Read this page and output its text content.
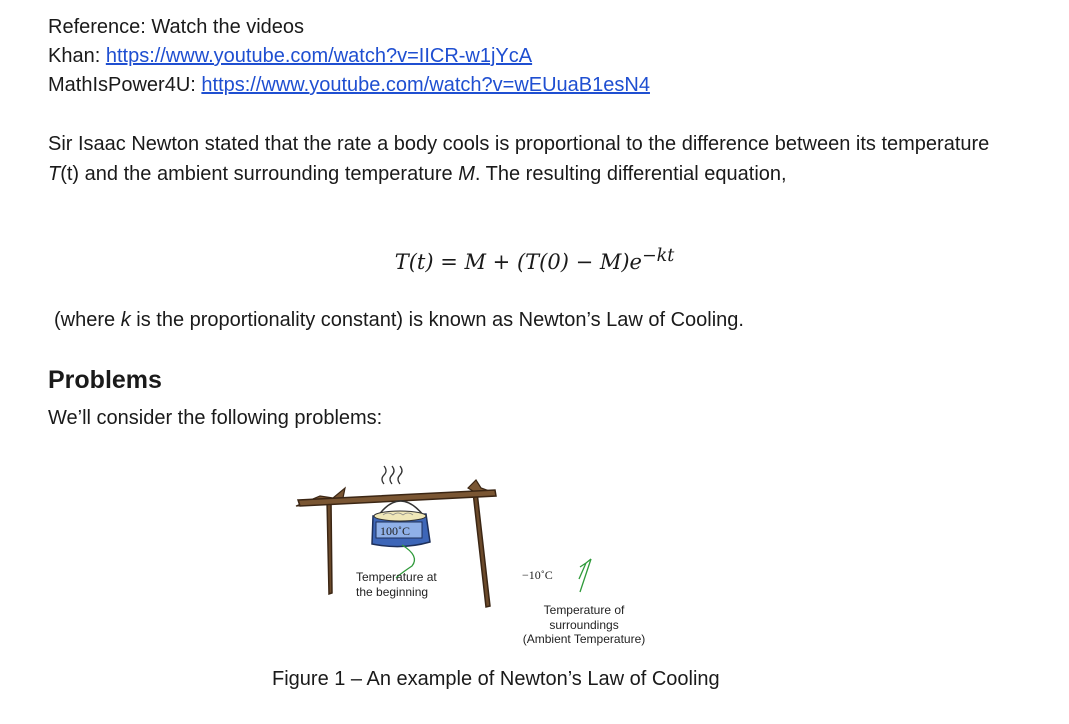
Reference: Watch the videos
Khan: https://www.youtube.com/watch?v=IICR-w1jYcA
MathIsPower4U: https://www.youtube.com/watch?v=wEUuaB1esN4
Sir Isaac Newton stated that the rate a body cools is proportional to the difference between its temperature T(t) and the ambient surrounding temperature M. The resulting differential equation,
$T(t) = M + (T(0) - M)e^{-kt}$
(where k is the proportionality constant) is known as Newton’s Law of Cooling.
Problems
We’ll consider the following problems:
100˚C
Temperature at
the beginning
−10˚C
Temperature of
surroundings
(Ambient Temperature)
Figure 1 – An example of Newton’s Law of Cooling
